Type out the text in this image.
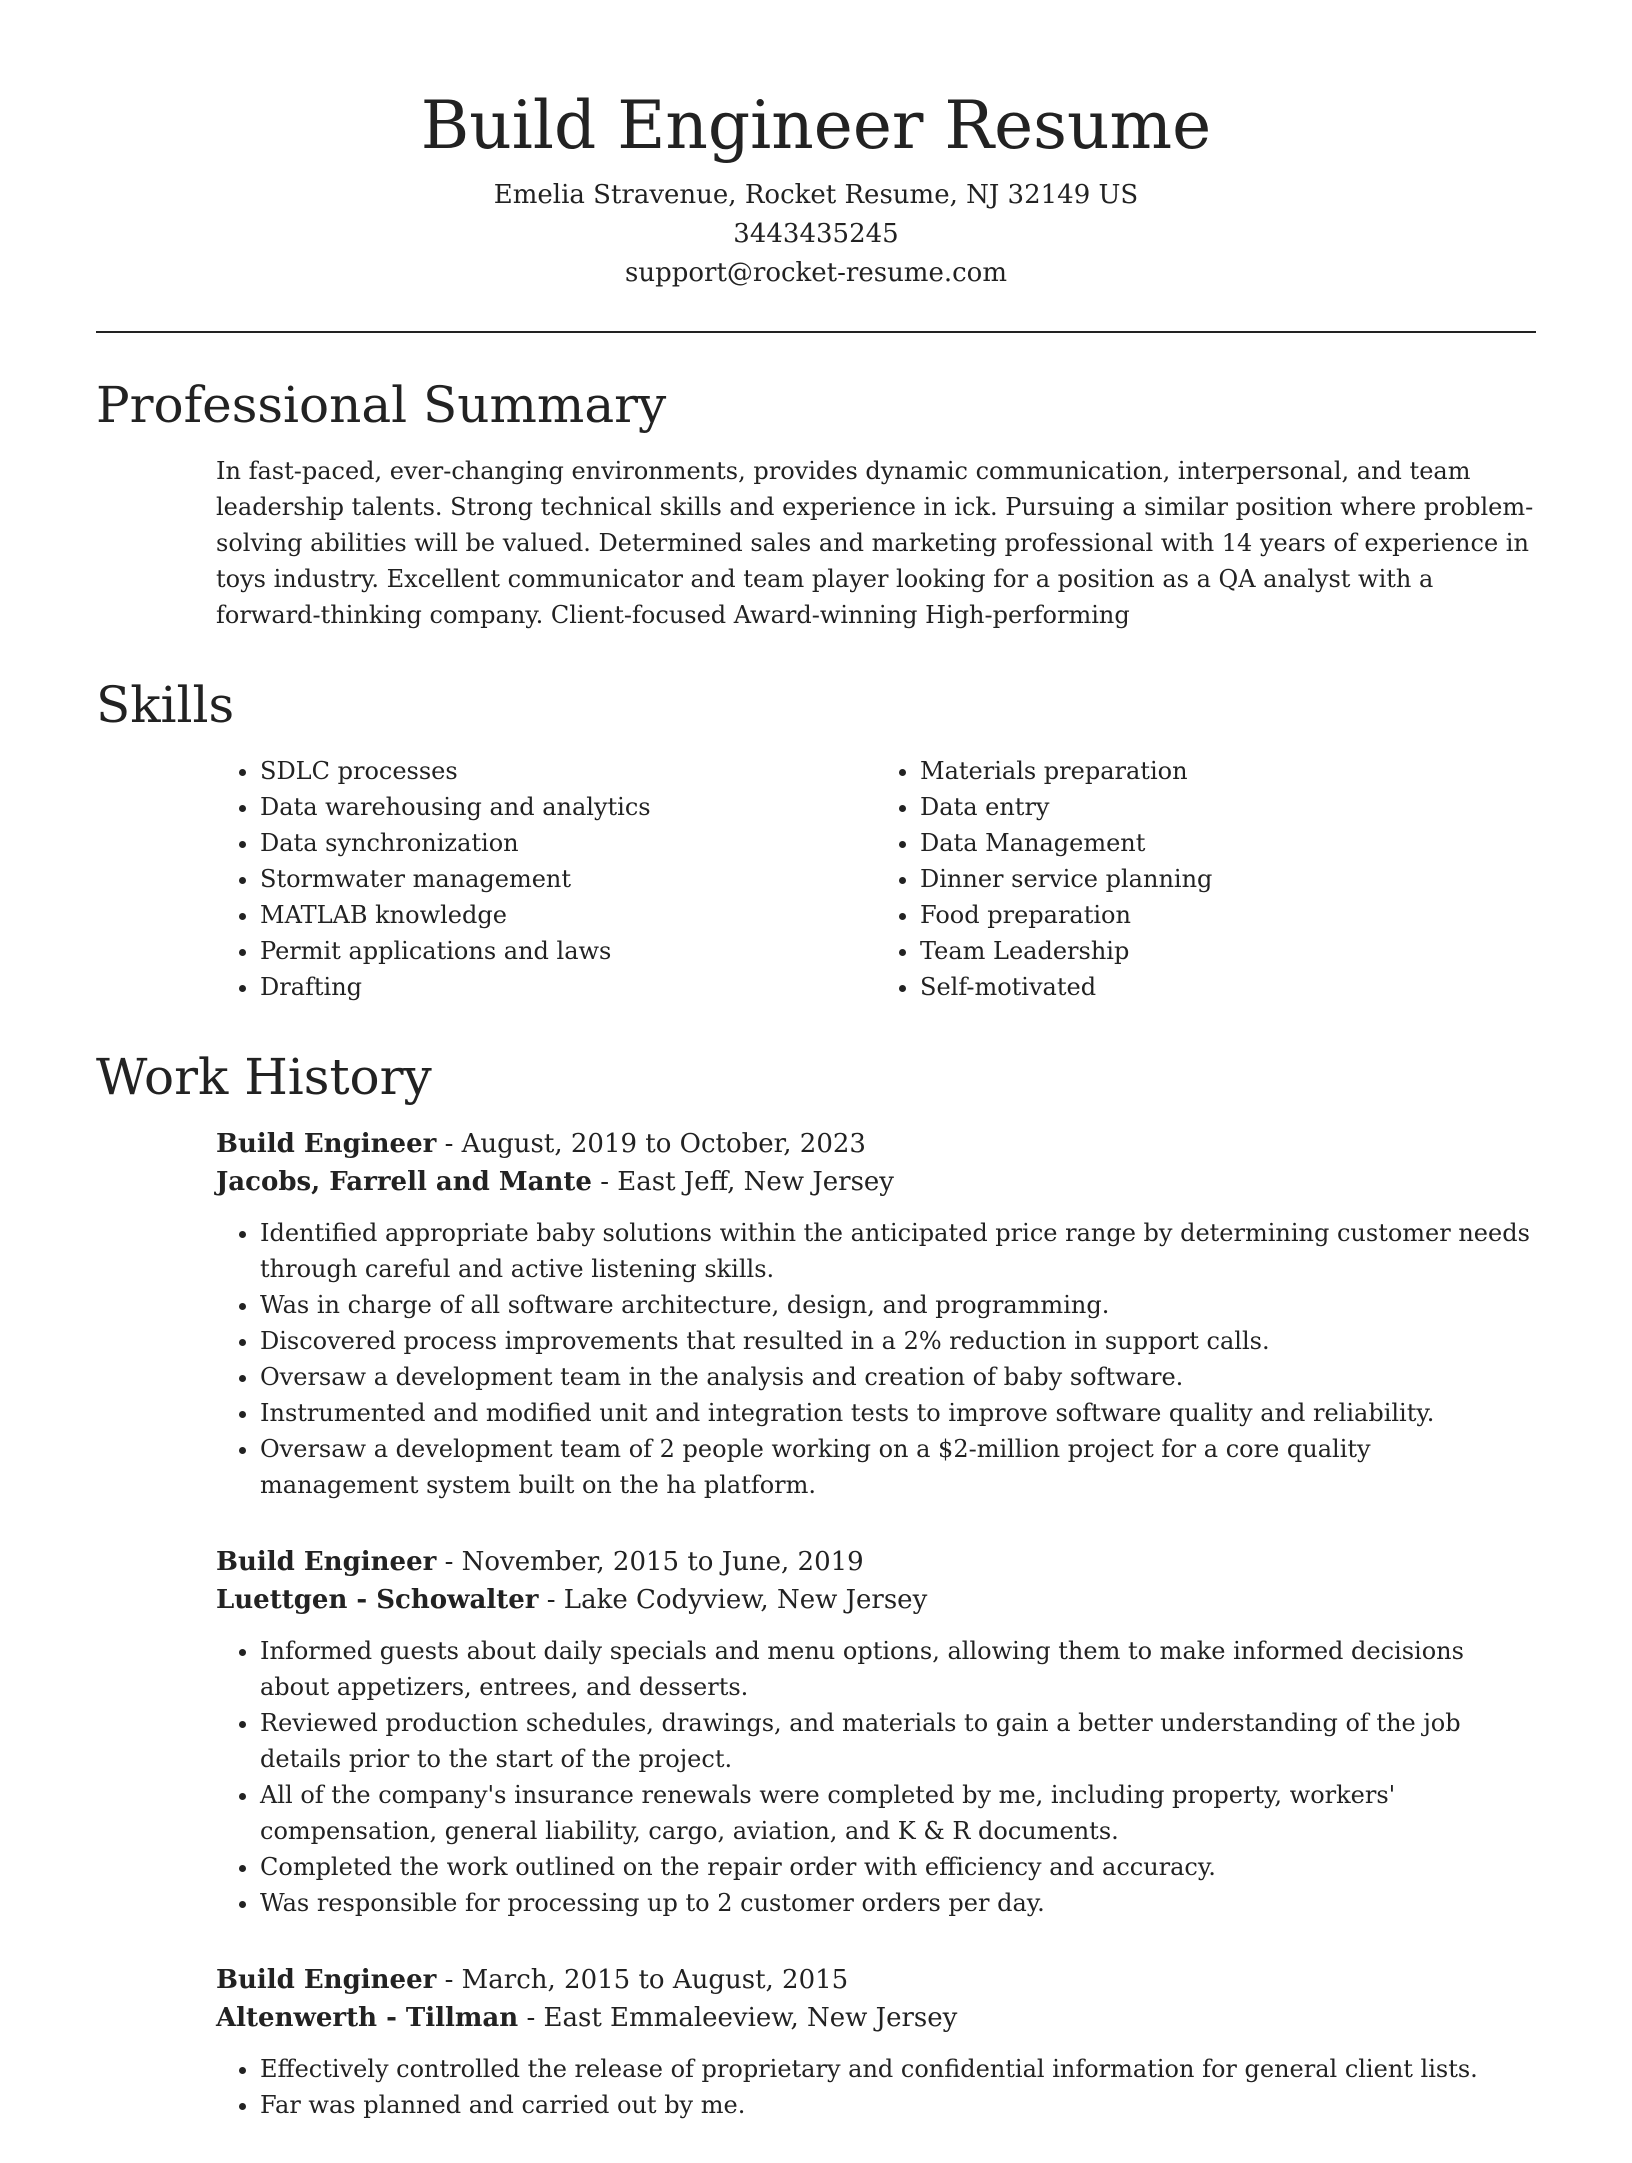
Build Engineer Resume
Emelia Stravenue, Rocket Resume, NJ 32149 US
3443435245
support@rocket-resume.com
Professional Summary
In fast-paced, ever-changing environments, provides dynamic communication, interpersonal, and team leadership talents. Strong technical skills and experience in ick. Pursuing a similar position where problem-solving abilities will be valued. Determined sales and marketing professional with 14 years of experience in toys industry. Excellent communicator and team player looking for a position as a QA analyst with a forward-thinking company. Client-focused Award-winning High-performing
Skills
• SDLC processes
• Data warehousing and analytics
• Data synchronization
• Stormwater management
• MATLAB knowledge
• Permit applications and laws
• Drafting
• Materials preparation
• Data entry
• Data Management
• Dinner service planning
• Food preparation
• Team Leadership
• Self-motivated
Work History
Build Engineer - August, 2019 to October, 2023
Jacobs, Farrell and Mante - East Jeff, New Jersey
• Identified appropriate baby solutions within the anticipated price range by determining customer needs through careful and active listening skills.
• Was in charge of all software architecture, design, and programming.
• Discovered process improvements that resulted in a 2% reduction in support calls.
• Oversaw a development team in the analysis and creation of baby software.
• Instrumented and modified unit and integration tests to improve software quality and reliability.
• Oversaw a development team of 2 people working on a $2-million project for a core quality management system built on the ha platform.
Build Engineer - November, 2015 to June, 2019
Luettgen - Schowalter - Lake Codyview, New Jersey
• Informed guests about daily specials and menu options, allowing them to make informed decisions about appetizers, entrees, and desserts.
• Reviewed production schedules, drawings, and materials to gain a better understanding of the job details prior to the start of the project.
• All of the company's insurance renewals were completed by me, including property, workers' compensation, general liability, cargo, aviation, and K & R documents.
• Completed the work outlined on the repair order with efficiency and accuracy.
• Was responsible for processing up to 2 customer orders per day.
Build Engineer - March, 2015 to August, 2015
Altenwerth - Tillman - East Emmaleeview, New Jersey
• Effectively controlled the release of proprietary and confidential information for general client lists.
• Far was planned and carried out by me.
